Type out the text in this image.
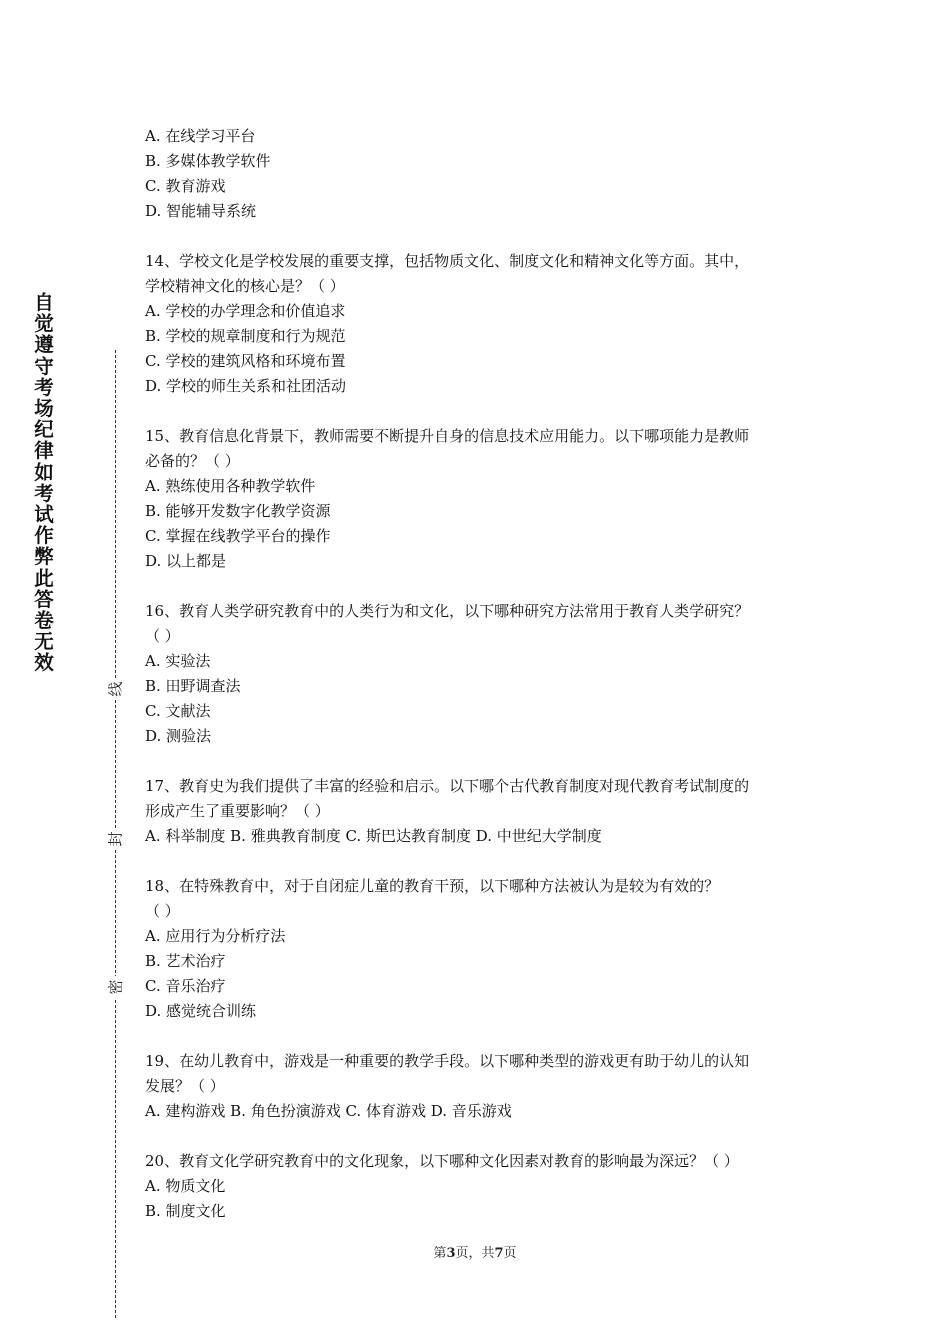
自觉遵守考场纪律如考试作弊此答卷无效
线
封
密
A. 在线学习平台
B. 多媒体教学软件
C. 教育游戏
D. 智能辅导系统
14、学校文化是学校发展的重要支撑，包括物质文化、制度文化和精神文化等方面。其中，
学校精神文化的核心是？（ ）
A. 学校的办学理念和价值追求
B. 学校的规章制度和行为规范
C. 学校的建筑风格和环境布置
D. 学校的师生关系和社团活动
15、教育信息化背景下，教师需要不断提升自身的信息技术应用能力。以下哪项能力是教师
必备的？（ ）
A. 熟练使用各种教学软件
B. 能够开发数字化教学资源
C. 掌握在线教学平台的操作
D. 以上都是
16、教育人类学研究教育中的人类行为和文化，以下哪种研究方法常用于教育人类学研究？
（ ）
A. 实验法
B. 田野调查法
C. 文献法
D. 测验法
17、教育史为我们提供了丰富的经验和启示。以下哪个古代教育制度对现代教育考试制度的
形成产生了重要影响？（ ）
A. 科举制度 B. 雅典教育制度 C. 斯巴达教育制度 D. 中世纪大学制度
18、在特殊教育中，对于自闭症儿童的教育干预，以下哪种方法被认为是较为有效的？
（ ）
A. 应用行为分析疗法
B. 艺术治疗
C. 音乐治疗
D. 感觉统合训练
19、在幼儿教育中，游戏是一种重要的教学手段。以下哪种类型的游戏更有助于幼儿的认知
发展？（ ）
A. 建构游戏 B. 角色扮演游戏 C. 体育游戏 D. 音乐游戏
20、教育文化学研究教育中的文化现象，以下哪种文化因素对教育的影响最为深远？（ ）
A. 物质文化
B. 制度文化
第3页，共7页
